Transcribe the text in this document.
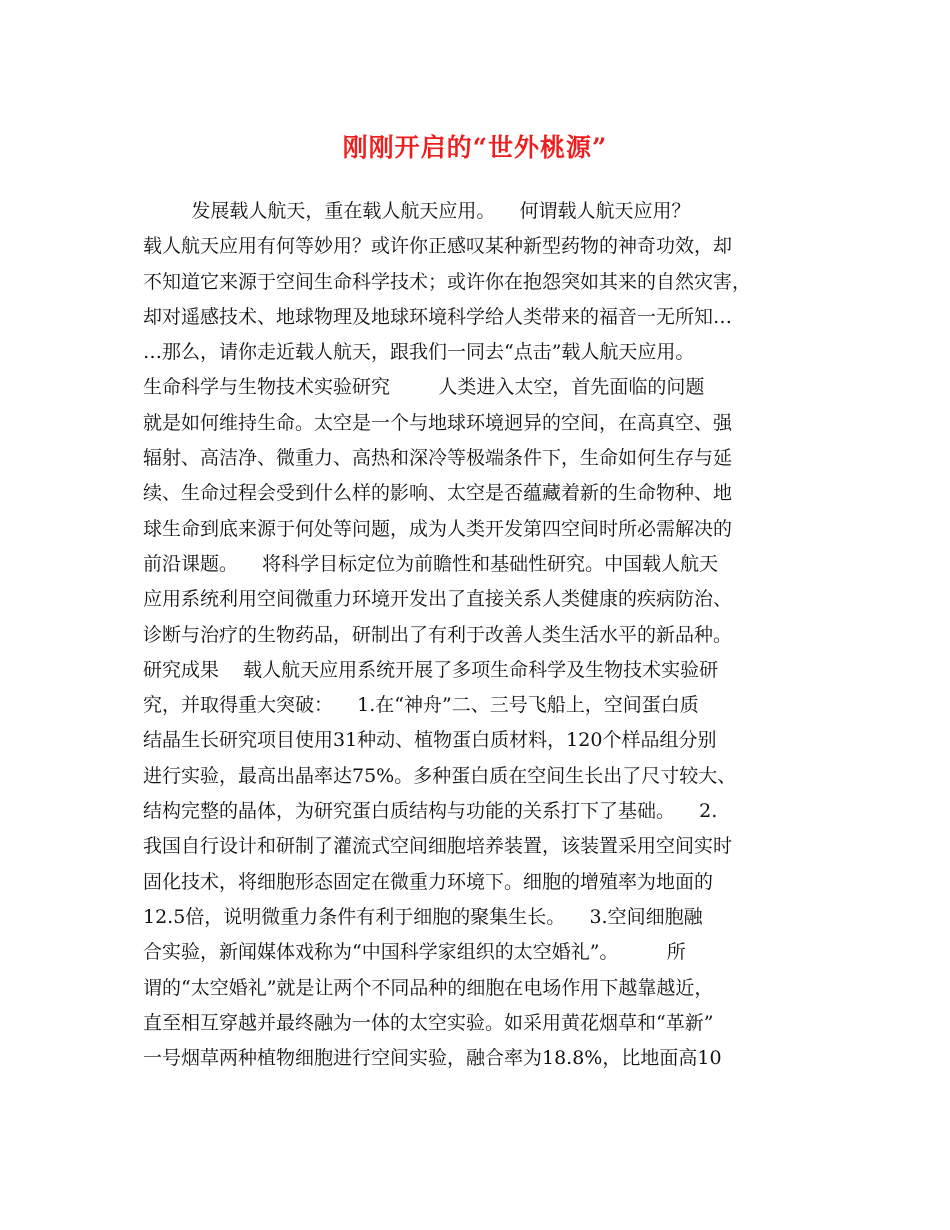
刚刚开启的“世外桃源”
发展载人航天，重在载人航天应用。    何谓载人航天应用？
载人航天应用有何等妙用？或许你正感叹某种新型药物的神奇功效，却
不知道它来源于空间生命科学技术；或许你在抱怨突如其来的自然灾害，
却对遥感技术、地球物理及地球环境科学给人类带来的福音一无所知…
…那么，请你走近载人航天，跟我们一同去“点击”载人航天应用。
生命科学与生物技术实验研究        人类进入太空，首先面临的问题
就是如何维持生命。太空是一个与地球环境迥异的空间，在高真空、强
辐射、高洁净、微重力、高热和深冷等极端条件下，生命如何生存与延
续、生命过程会受到什么样的影响、太空是否蕴藏着新的生命物种、地
球生命到底来源于何处等问题，成为人类开发第四空间时所必需解决的
前沿课题。    将科学目标定位为前瞻性和基础性研究。中国载人航天
应用系统利用空间微重力环境开发出了直接关系人类健康的疾病防治、
诊断与治疗的生物药品，研制出了有利于改善人类生活水平的新品种。
研究成果    载人航天应用系统开展了多项生命科学及生物技术实验研
究，并取得重大突破：    1.在“神舟”二、三号飞船上，空间蛋白质
结晶生长研究项目使用31种动、植物蛋白质材料，120个样品组分别
进行实验，最高出晶率达75%。多种蛋白质在空间生长出了尺寸较大、
结构完整的晶体，为研究蛋白质结构与功能的关系打下了基础。    2.
我国自行设计和研制了灌流式空间细胞培养装置，该装置采用空间实时
固化技术，将细胞形态固定在微重力环境下。细胞的增殖率为地面的
12.5倍，说明微重力条件有利于细胞的聚集生长。    3.空间细胞融
合实验，新闻媒体戏称为“中国科学家组织的太空婚礼”。        所
谓的“太空婚礼”就是让两个不同品种的细胞在电场作用下越靠越近，
直至相互穿越并最终融为一体的太空实验。如采用黄花烟草和“革新”
一号烟草两种植物细胞进行空间实验，融合率为18.8%，比地面高10
